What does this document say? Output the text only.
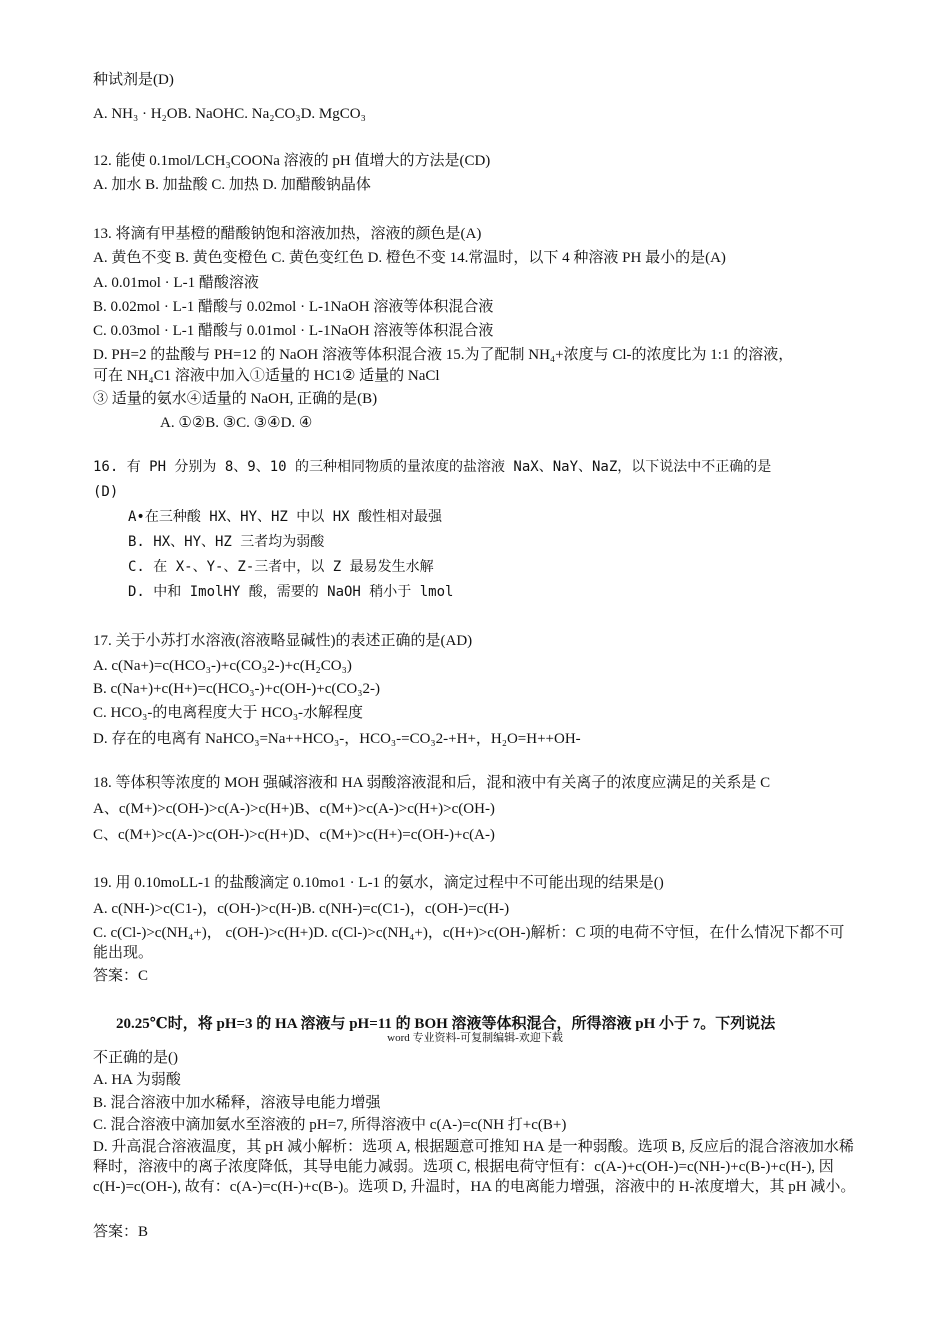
种试剂是(D)
A. NH₃ · H₂OB. NaOHC. Na₂CO₃D. MgCO₃
12. 能使 0.1mol/LCH₃COONa 溶液的 pH 值增大的方法是(CD)
A. 加水 B. 加盐酸 C. 加热 D. 加醋酸钠晶体
13. 将滴有甲基橙的醋酸钠饱和溶液加热，溶液的颜色是(A)
A. 黄色不变 B. 黄色变橙色 C. 黄色变红色 D. 橙色不变 14.常温时，以下 4 种溶液 PH 最小的是(A)
A. 0.01mol · L-1 醋酸溶液
B. 0.02mol · L-1 醋酸与 0.02mol · L-1NaOH 溶液等体积混合液
C. 0.03mol · L-1 醋酸与 0.01mol · L-1NaOH 溶液等体积混合液
D. PH=2 的盐酸与 PH=12 的 NaOH 溶液等体积混合液 15.为了配制 NH₄+浓度与 Cl-的浓度比为 1:1 的溶液，
可在 NH₄C1 溶液中加入①适量的 HC1② 适量的 NaCl
③ 适量的氨水④适量的 NaOH, 正确的是(B)
A. ①②B. ③C. ③④D. ④
16. 有 PH 分别为 8、9、10 的三种相同物质的量浓度的盐溶液 NaX、NaY、NaZ，以下说法中不正确的是
(D)
A•在三种酸 HX、HY、HZ 中以 HX 酸性相对最强
B. HX、HY、HZ 三者均为弱酸
C. 在 X-、Y-、Z-三者中，以 Z 最易发生水解
D. 中和 ImolHY 酸，需要的 NaOH 稍小于 lmol
17. 关于小苏打水溶液(溶液略显碱性)的表述正确的是(AD)
A. c(Na+)=c(HCO₃-)+c(CO₃2-)+c(H₂CO₃)
B. c(Na+)+c(H+)=c(HCO₃-)+c(OH-)+c(CO₃2-)
C. HCO₃-的电离程度大于 HCO₃-水解程度
D. 存在的电离有 NaHCO₃=Na++HCO₃-，HCO₃-=CO₃2-+H+，H₂O=H++OH-
18. 等体积等浓度的 MOH 强碱溶液和 HA 弱酸溶液混和后，混和液中有关离子的浓度应满足的关系是 C
A、c(M+)>c(OH-)>c(A-)>c(H+)B、c(M+)>c(A-)>c(H+)>c(OH-)
C、c(M+)>c(A-)>c(OH-)>c(H+)D、c(M+)>c(H+)=c(OH-)+c(A-)
19. 用 0.10moLL-1 的盐酸滴定 0.10mo1 · L-1 的氨水，滴定过程中不可能出现的结果是()
A. c(NH-)>c(C1-)，c(OH-)>c(H-)B. c(NH-)=c(C1-)，c(OH-)=c(H-)
C. c(Cl-)>c(NH₄+)， c(OH-)>c(H+)D. c(Cl-)>c(NH₄+)，c(H+)>c(OH-)解析：C 项的电荷不守恒，在什么情况下都不可能出现。
答案：C
20.25℃时，将 pH=3 的 HA 溶液与 pH=11 的 BOH 溶液等体积混合，所得溶液 pH 小于 7。下列说法
word 专业资料-可复制编辑-欢迎下载
不正确的是()
A. HA 为弱酸
B. 混合溶液中加水稀释，溶液导电能力增强
C. 混合溶液中滴加氨水至溶液的 pH=7, 所得溶液中 c(A-)=c(NH 打+c(B+)
D. 升高混合溶液温度，其 pH 减小解析：选项 A, 根据题意可推知 HA 是一种弱酸。选项 B, 反应后的混合溶液加水稀释时，溶液中的离子浓度降低，其导电能力减弱。选项 C, 根据电荷守恒有：c(A-)+c(OH-)=c(NH-)+c(B-)+c(H-), 因 c(H-)=c(OH-), 故有：c(A-)=c(H-)+c(B-)。选项 D, 升温时，HA 的电离能力增强，溶液中的 H-浓度增大，其 pH 减小。
答案：B
